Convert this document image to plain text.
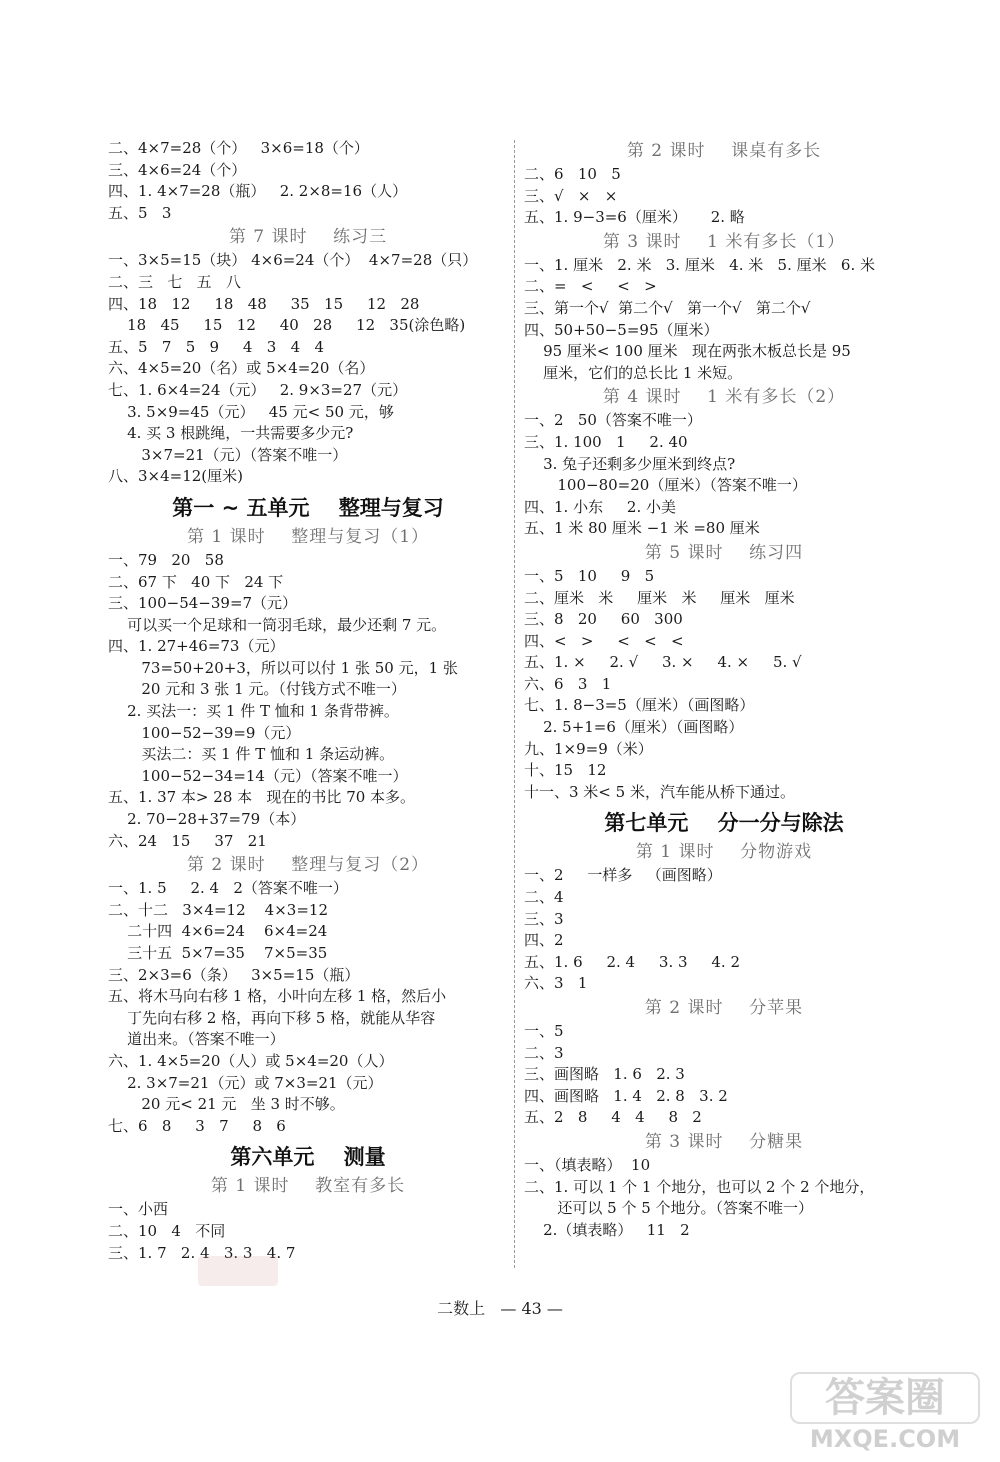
二、4×7=28（个）   3×6=18（个）
三、4×6=24（个）
四、1. 4×7=28（瓶）   2. 2×8=16（人）
五、5   3
第 7 课时    练习三
一、3×5=15（块） 4×6=24（个）  4×7=28（只）
二、三   七   五   八
四、18   12     18   48     35   15     12   28
18   45     15   12     40   28     12   35(涂色略)
五、5   7   5   9     4   3   4   4
六、4×5=20（名）或 5×4=20（名）
七、1. 6×4=24（元）   2. 9×3=27（元）
3. 5×9=45（元）   45 元< 50 元，够
4. 买 3 根跳绳，一共需要多少元?
3×7=21（元）（答案不唯一）
八、3×4=12(厘米)
第一 ~ 五单元    整理与复习
第 1 课时    整理与复习（1）
一、79   20   58
二、67 下   40 下   24 下
三、100−54−39=7（元）
可以买一个足球和一筒羽毛球，最少还剩 7 元。
四、1. 27+46=73（元）
73=50+20+3，所以可以付 1 张 50 元，1 张
20 元和 3 张 1 元。（付钱方式不唯一）
2. 买法一：买 1 件 T 恤和 1 条背带裤。
100−52−39=9（元）
买法二：买 1 件 T 恤和 1 条运动裤。
100−52−34=14（元）（答案不唯一）
五、1. 37 本> 28 本   现在的书比 70 本多。
2. 70−28+37=79（本）
六、24   15     37   21
第 2 课时    整理与复习（2）
一、1. 5     2. 4   2（答案不唯一）
二、十二   3×4=12    4×3=12
二十四  4×6=24    6×4=24
三十五  5×7=35    7×5=35
三、2×3=6（条）   3×5=15（瓶）
五、将木马向右移 1 格，小叶向左移 1 格，然后小
丁先向右移 2 格，再向下移 5 格，就能从华容
道出来。（答案不唯一）
六、1. 4×5=20（人）或 5×4=20（人）
2. 3×7=21（元）或 7×3=21（元）
20 元< 21 元   坐 3 时不够。
七、6   8     3   7     8   6
第六单元    测量
第 1 课时    教室有多长
一、小西
二、10   4   不同
三、1. 7   2. 4   3. 3   4. 7
第 2 课时    课桌有多长
二、6   10   5
三、√   ×   ×
五、1. 9−3=6（厘米）     2. 略
第 3 课时    1 米有多长（1）
一、1. 厘米   2. 米   3. 厘米   4. 米   5. 厘米   6. 米
二、=   <     <   >
三、第一个√  第二个√   第一个√   第二个√
四、50+50−5=95（厘米）
95 厘米< 100 厘米   现在两张木板总长是 95
厘米，它们的总长比 1 米短。
第 4 课时    1 米有多长（2）
一、2   50（答案不唯一）
三、1. 100   1     2. 40
3. 兔子还剩多少厘米到终点?
100−80=20（厘米）（答案不唯一）
四、1. 小东     2. 小美
五、1 米 80 厘米 −1 米 =80 厘米
第 5 课时    练习四
一、5   10     9   5
二、厘米   米     厘米   米     厘米   厘米
三、8   20     60   300
四、<   >     <   <   <
五、1. ×     2. √     3. ×     4. ×     5. √
六、6   3   1
七、1. 8−3=5（厘米）（画图略）
2. 5+1=6（厘米）（画图略）
九、1×9=9（米）
十、15   12
十一、3 米< 5 米，汽车能从桥下通过。
第七单元    分一分与除法
第 1 课时    分物游戏
一、2     一样多   （画图略）
二、4
三、3
四、2
五、1. 6     2. 4     3. 3     4. 2
六、3   1
第 2 课时    分苹果
一、5
二、3
三、画图略   1. 6   2. 3
四、画图略   1. 4   2. 8   3. 2
五、2   8     4   4     8   2
第 3 课时    分糖果
一、（填表略）  10
二、1. 可以 1 个 1 个地分，也可以 2 个 2 个地分，
还可以 5 个 5 个地分。（答案不唯一）
2.（填表略）   11   2
二数上   — 43 —
答案圈
MXQE.COM
